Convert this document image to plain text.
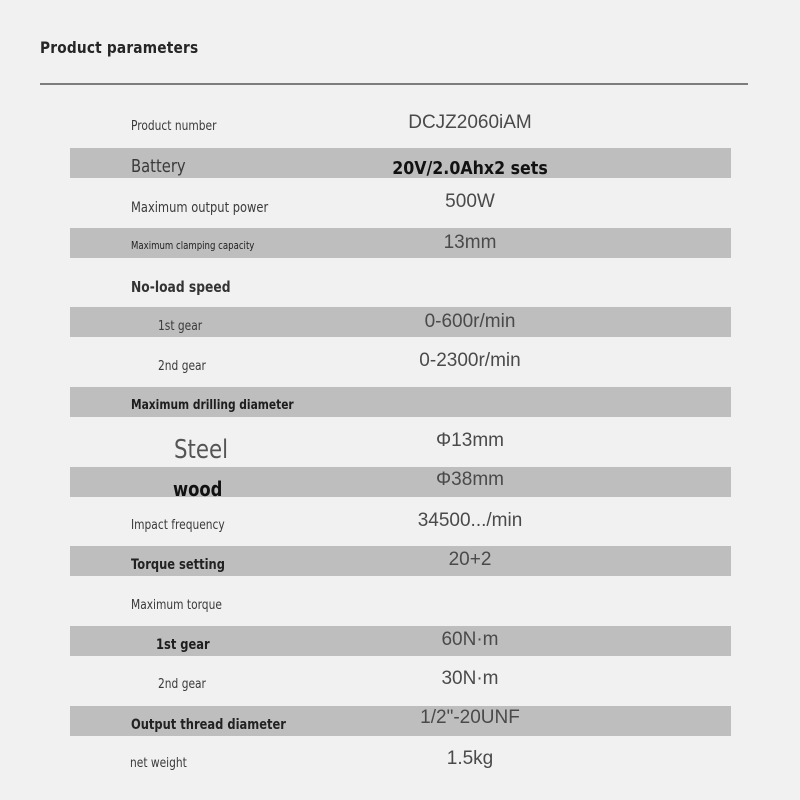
Product parameters
Product number	DCJZ2060iAM
Battery	20V/2.0Ahx2 sets
Maximum output power	500W
Maximum clamping capacity	13mm
No-load speed
1st gear	0-600r/min
2nd gear	0-2300r/min
Maximum drilling diameter
Steel	Φ13mm
wood	Φ38mm
Impact frequency	34500.../min
Torque setting	20+2
Maximum torque
1st gear	60N·m
2nd gear	30N·m
Output thread diameter	1/2"-20UNF
net weight	1.5kg
